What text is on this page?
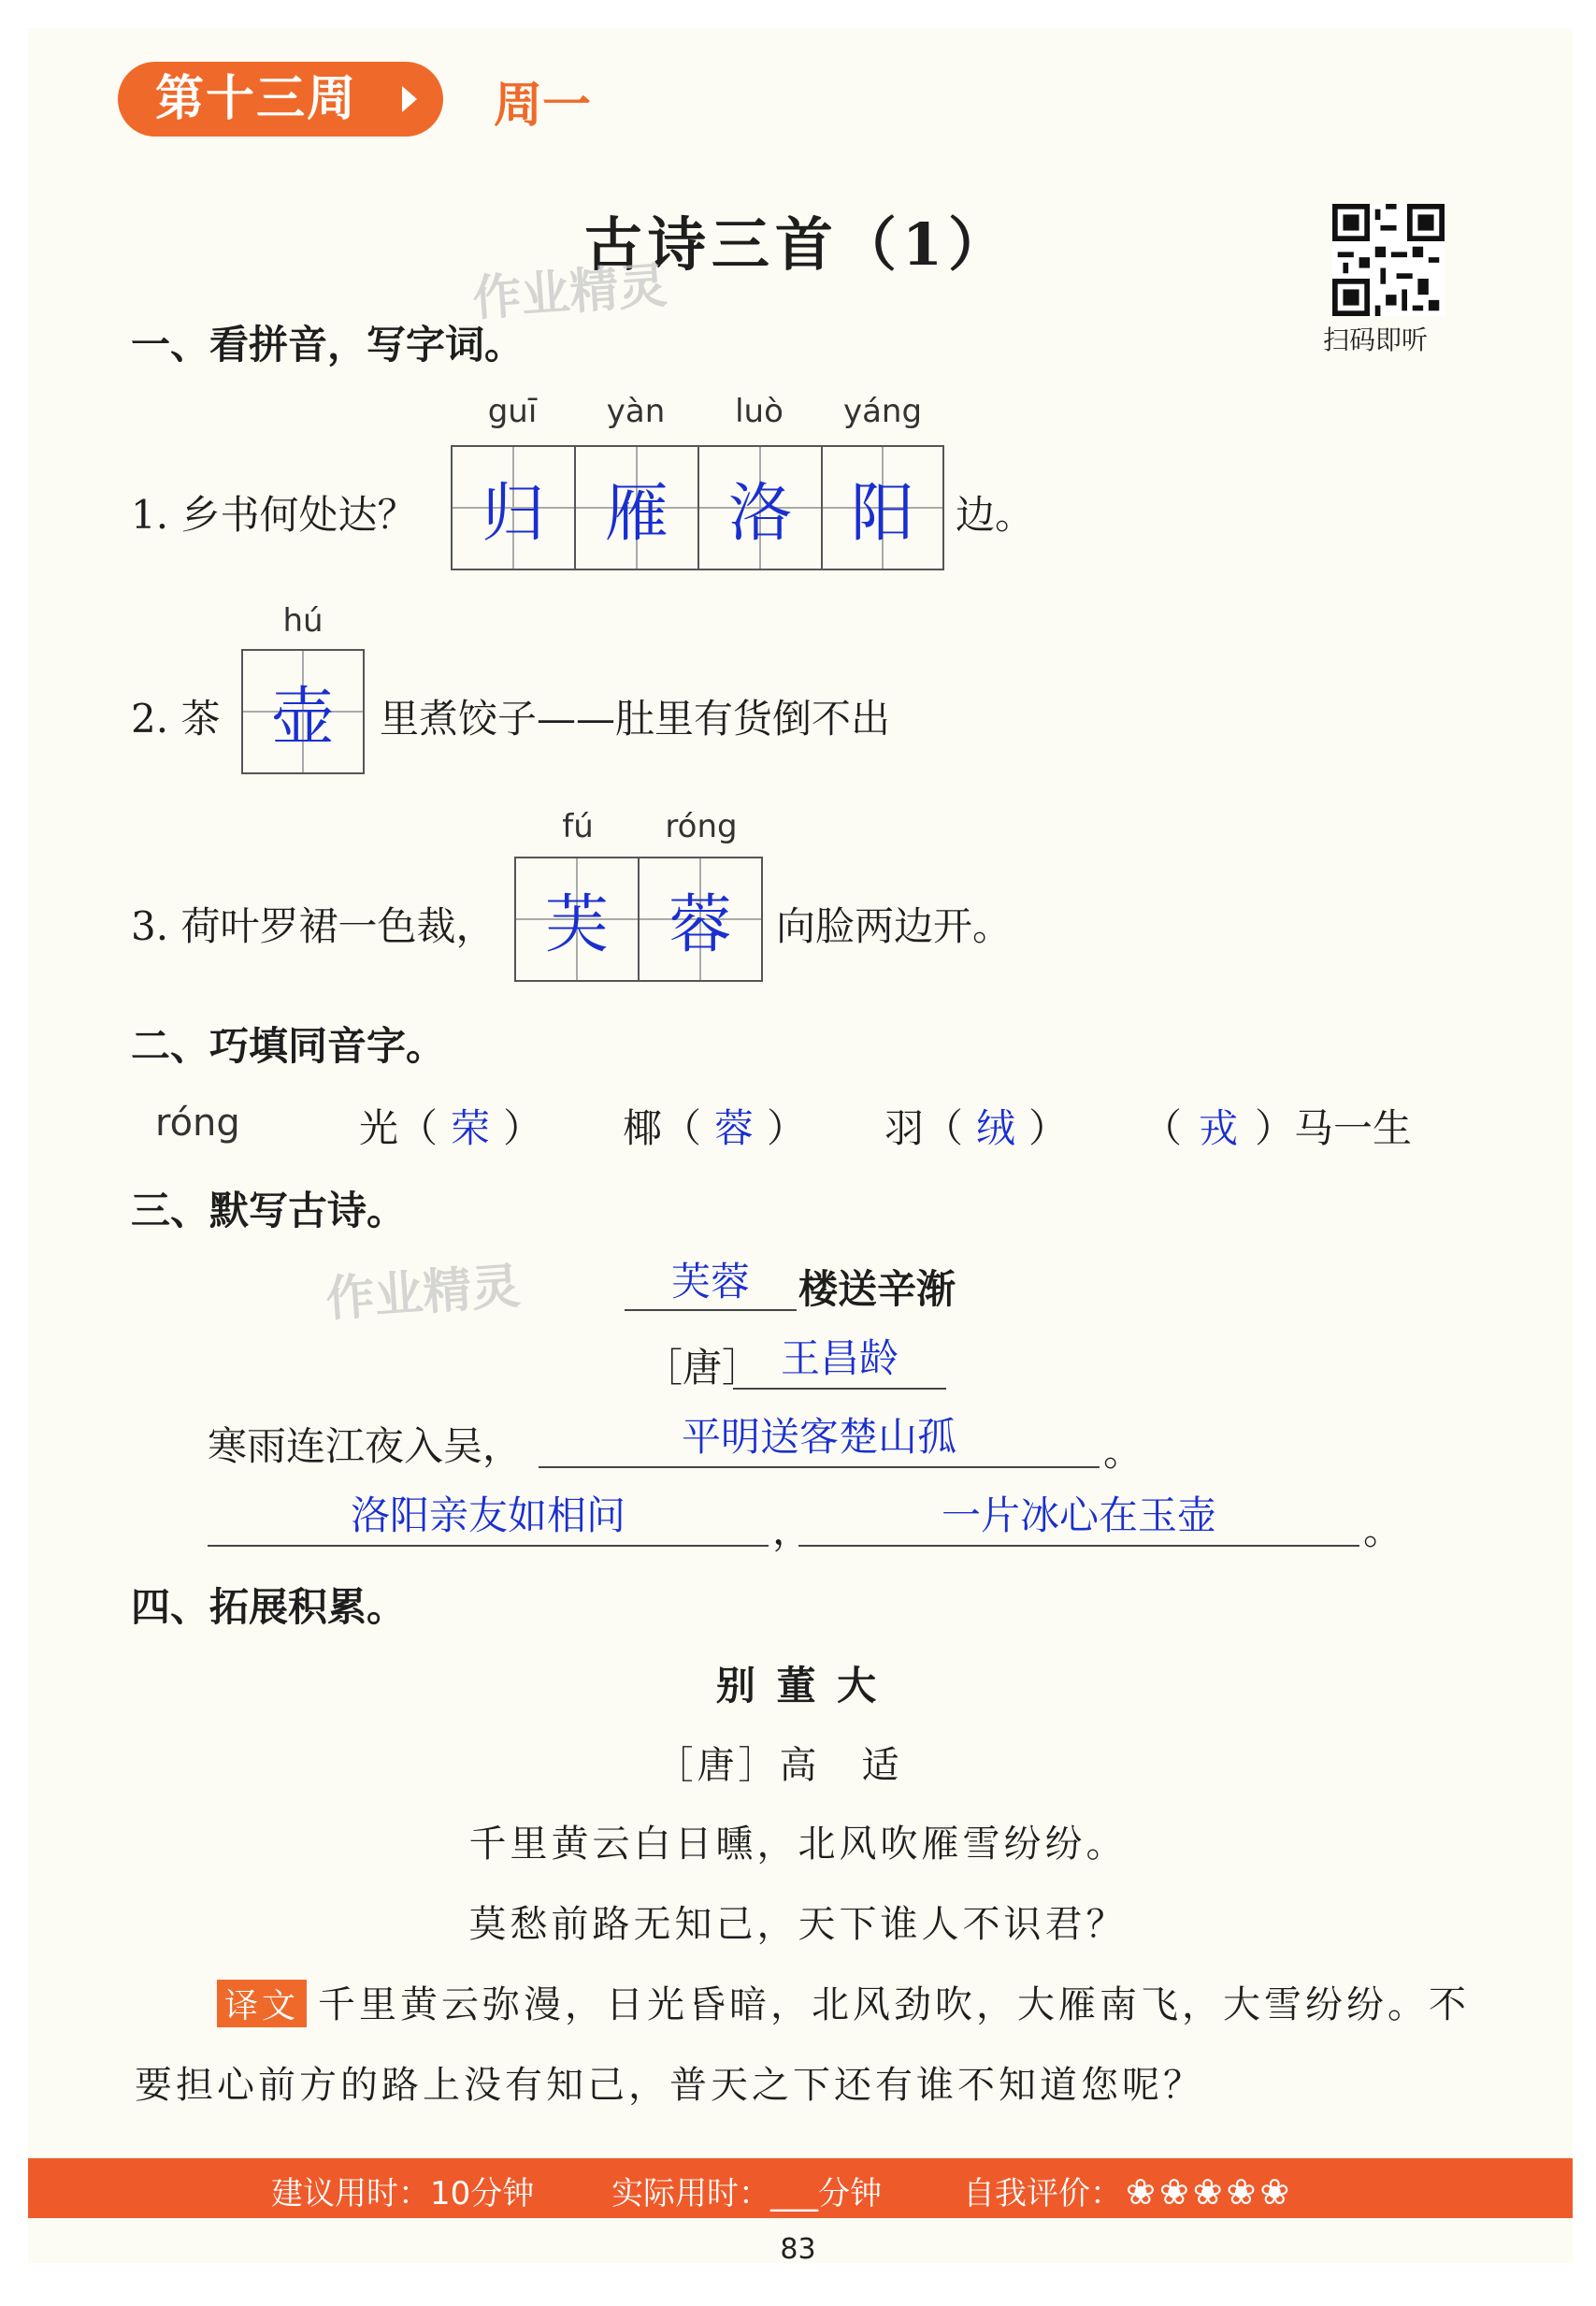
第十三周	周一
古诗三首（1）
作业精灵
扫码即听
一、看拼音，写字词。
guī	yàn	luò	yáng
1. 乡书何处达？	归 雁 洛 阳	边。
hú
2. 茶 壶	里煮饺子——肚里有货倒不出
fú	róng
3. 荷叶罗裙一色裁， 芙 蓉	向脸两边开。
二、巧填同音字。
róng	光（ 荣 ） 椰（ 蓉 ） 羽（ 绒 ） （ 戎 ）马一生
三、默写古诗。
作业精灵	芙蓉	楼送辛渐
［唐］ 王昌龄
寒雨连江夜入吴，	平明送客楚山孤	。
洛阳亲友如相问	，	一片冰心在玉壶	。
四、拓展积累。
别 董 大
［唐］高　适
千里黄云白日曛，北风吹雁雪纷纷。
莫愁前路无知己，天下谁人不识君？
译文 千里黄云弥漫，日光昏暗，北风劲吹，大雁南飞，大雪纷纷。不
要担心前方的路上没有知己，普天之下还有谁不知道您呢？
建议用时：10分钟 实际用时：___分钟	自我评价： ❀ ❀ ❀ ❀ ❀
83
